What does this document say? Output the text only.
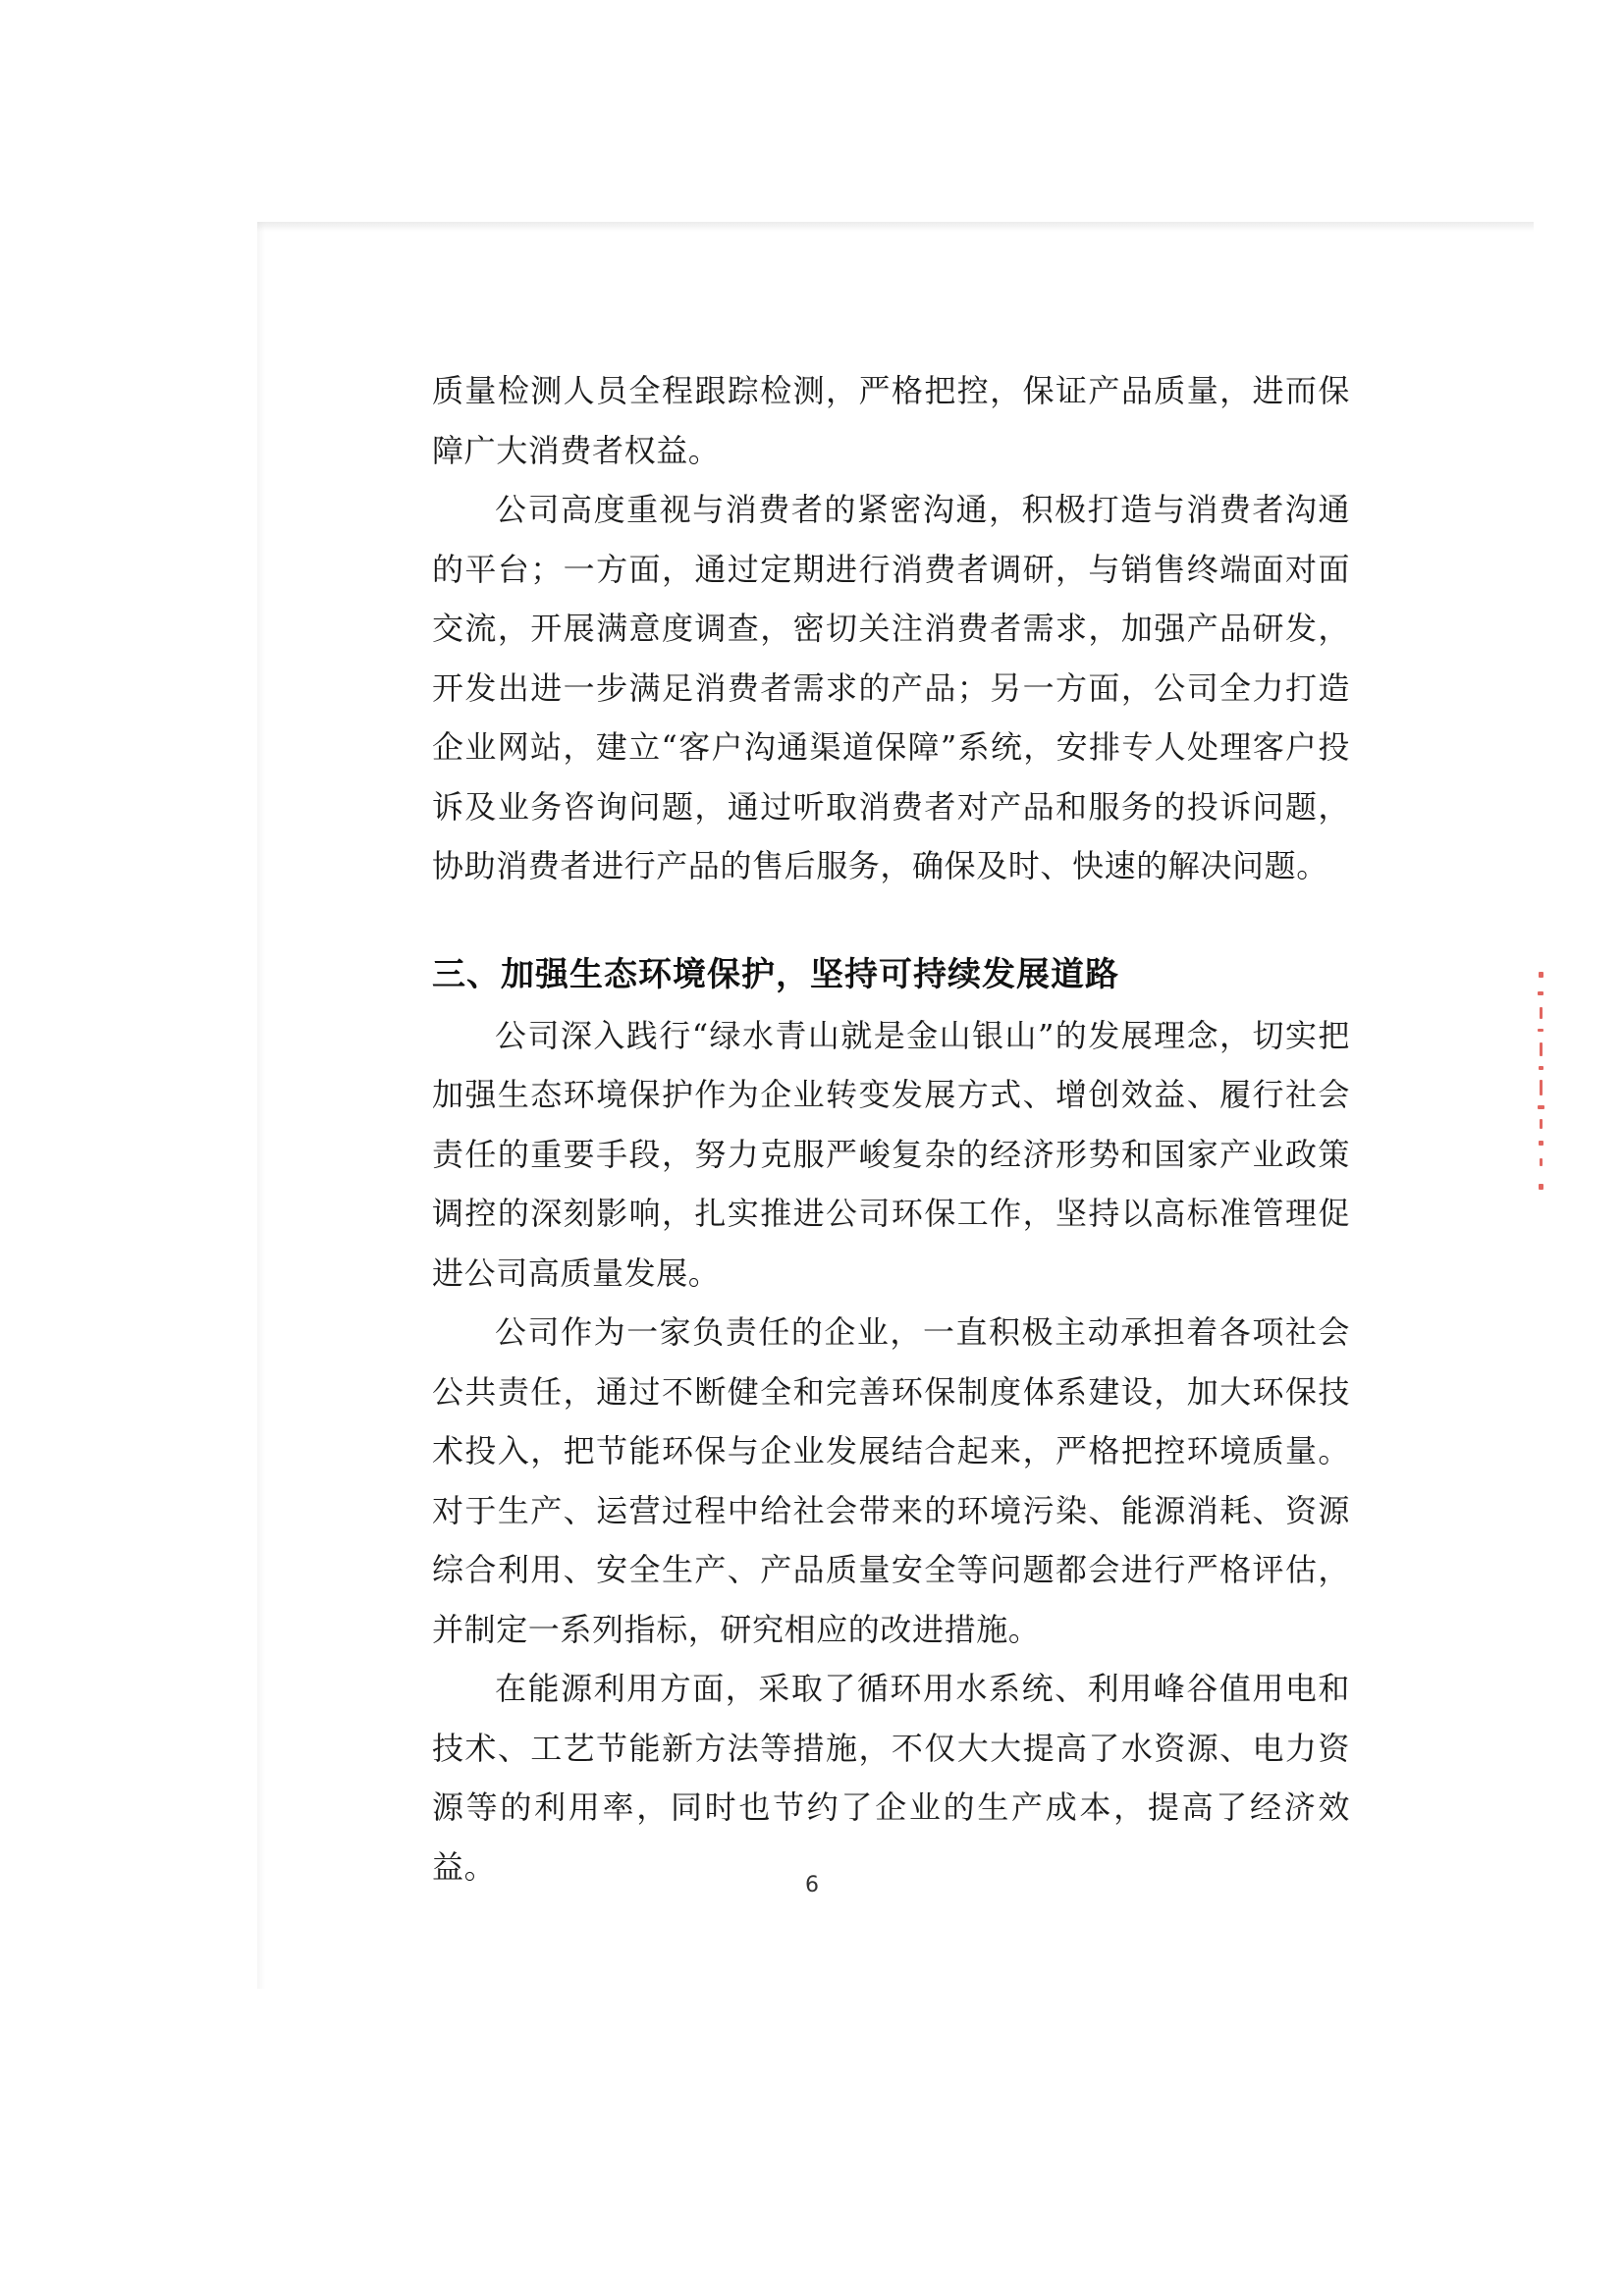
质量检测人员全程跟踪检测，严格把控，保证产品质量，进而保障广大消费者权益。

公司高度重视与消费者的紧密沟通，积极打造与消费者沟通的平台；一方面，通过定期进行消费者调研，与销售终端面对面交流，开展满意度调查，密切关注消费者需求，加强产品研发，开发出进一步满足消费者需求的产品；另一方面，公司全力打造企业网站，建立“客户沟通渠道保障”系统，安排专人处理客户投诉及业务咨询问题，通过听取消费者对产品和服务的投诉问题，协助消费者进行产品的售后服务，确保及时、快速的解决问题。

三、加强生态环境保护，坚持可持续发展道路

公司深入践行“绿水青山就是金山银山”的发展理念，切实把加强生态环境保护作为企业转变发展方式、增创效益、履行社会责任的重要手段，努力克服严峻复杂的经济形势和国家产业政策调控的深刻影响，扎实推进公司环保工作，坚持以高标准管理促进公司高质量发展。

公司作为一家负责任的企业，一直积极主动承担着各项社会公共责任，通过不断健全和完善环保制度体系建设，加大环保技术投入，把节能环保与企业发展结合起来，严格把控环境质量。对于生产、运营过程中给社会带来的环境污染、能源消耗、资源综合利用、安全生产、产品质量安全等问题都会进行严格评估，并制定一系列指标，研究相应的改进措施。

在能源利用方面，采取了循环用水系统、利用峰谷值用电和技术、工艺节能新方法等措施，不仅大大提高了水资源、电力资源等的利用率，同时也节约了企业的生产成本，提高了经济效益。	6
